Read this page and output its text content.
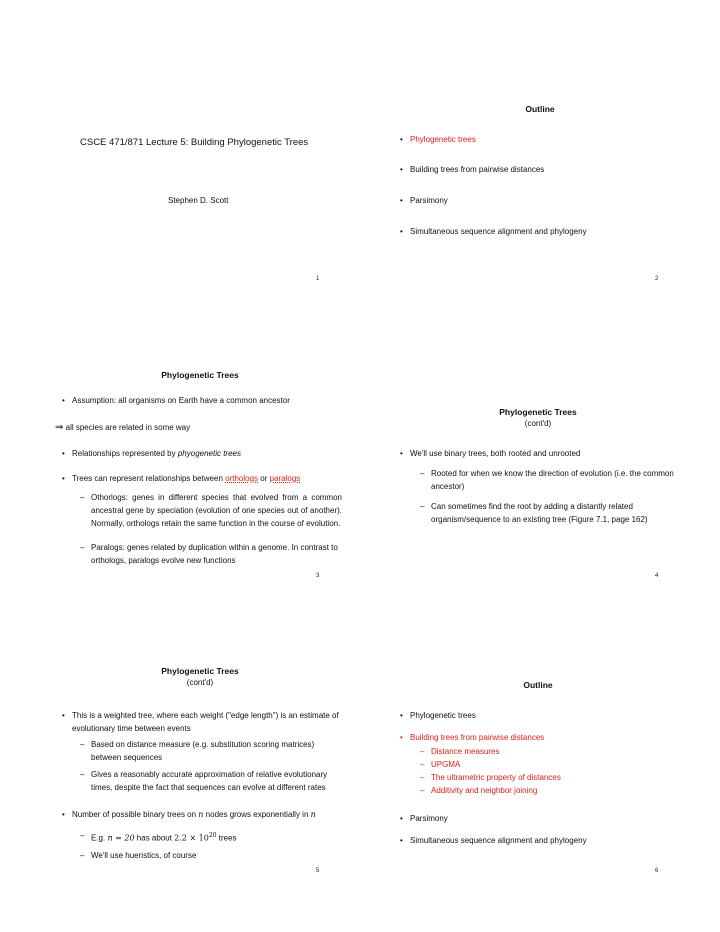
CSCE 471/871 Lecture 5: Building Phylogenetic Trees
Stephen D. Scott
1
Outline
• Phylogenetic trees
• Building trees from pairwise distances
• Parsimony
• Simultaneous sequence alignment and phylogeny
2
Phylogenetic Trees
• Assumption: all organisms on Earth have a common ancestor
⇒ all species are related in some way
• Relationships represented by phyogenetic trees
• Trees can represent relationships between orthologs or paralogs
– Othorlogs: genes in different species that evolved from a common ancestral gene by speciation (evolution of one species out of another). Normally, orthologs retain the same function in the course of evolution.
– Paralogs: genes related by duplication within a genome. In contrast to orthologs, paralogs evolve new functions
3
Phylogenetic Trees
(cont'd)
• We'll use binary trees, both rooted and unrooted
– Rooted for when we know the direction of evolution (i.e. the common ancestor)
– Can sometimes find the root by adding a distantly related organism/sequence to an existing tree (Figure 7.1, page 162)
4
Phylogenetic Trees
(cont'd)
• This is a weighted tree, where each weight ("edge length") is an estimate of evolutionary time between events
– Based on distance measure (e.g. substitution scoring matrices) between sequences
– Gives a reasonably accurate approximation of relative evolutionary times, despite the fact that sequences can evolve at different rates
• Number of possible binary trees on n nodes grows exponentially in n
– E.g. n = 20 has about $2.2 \times 10^{20}$ trees
– We'll use hueristics, of course
5
Outline
• Phylogenetic trees
• Building trees from pairwise distances
– Distance measures
– UPGMA
– The ultrametric property of distances
– Additivity and neighbor joining
• Parsimony
• Simultaneous sequence alignment and phylogeny
6
